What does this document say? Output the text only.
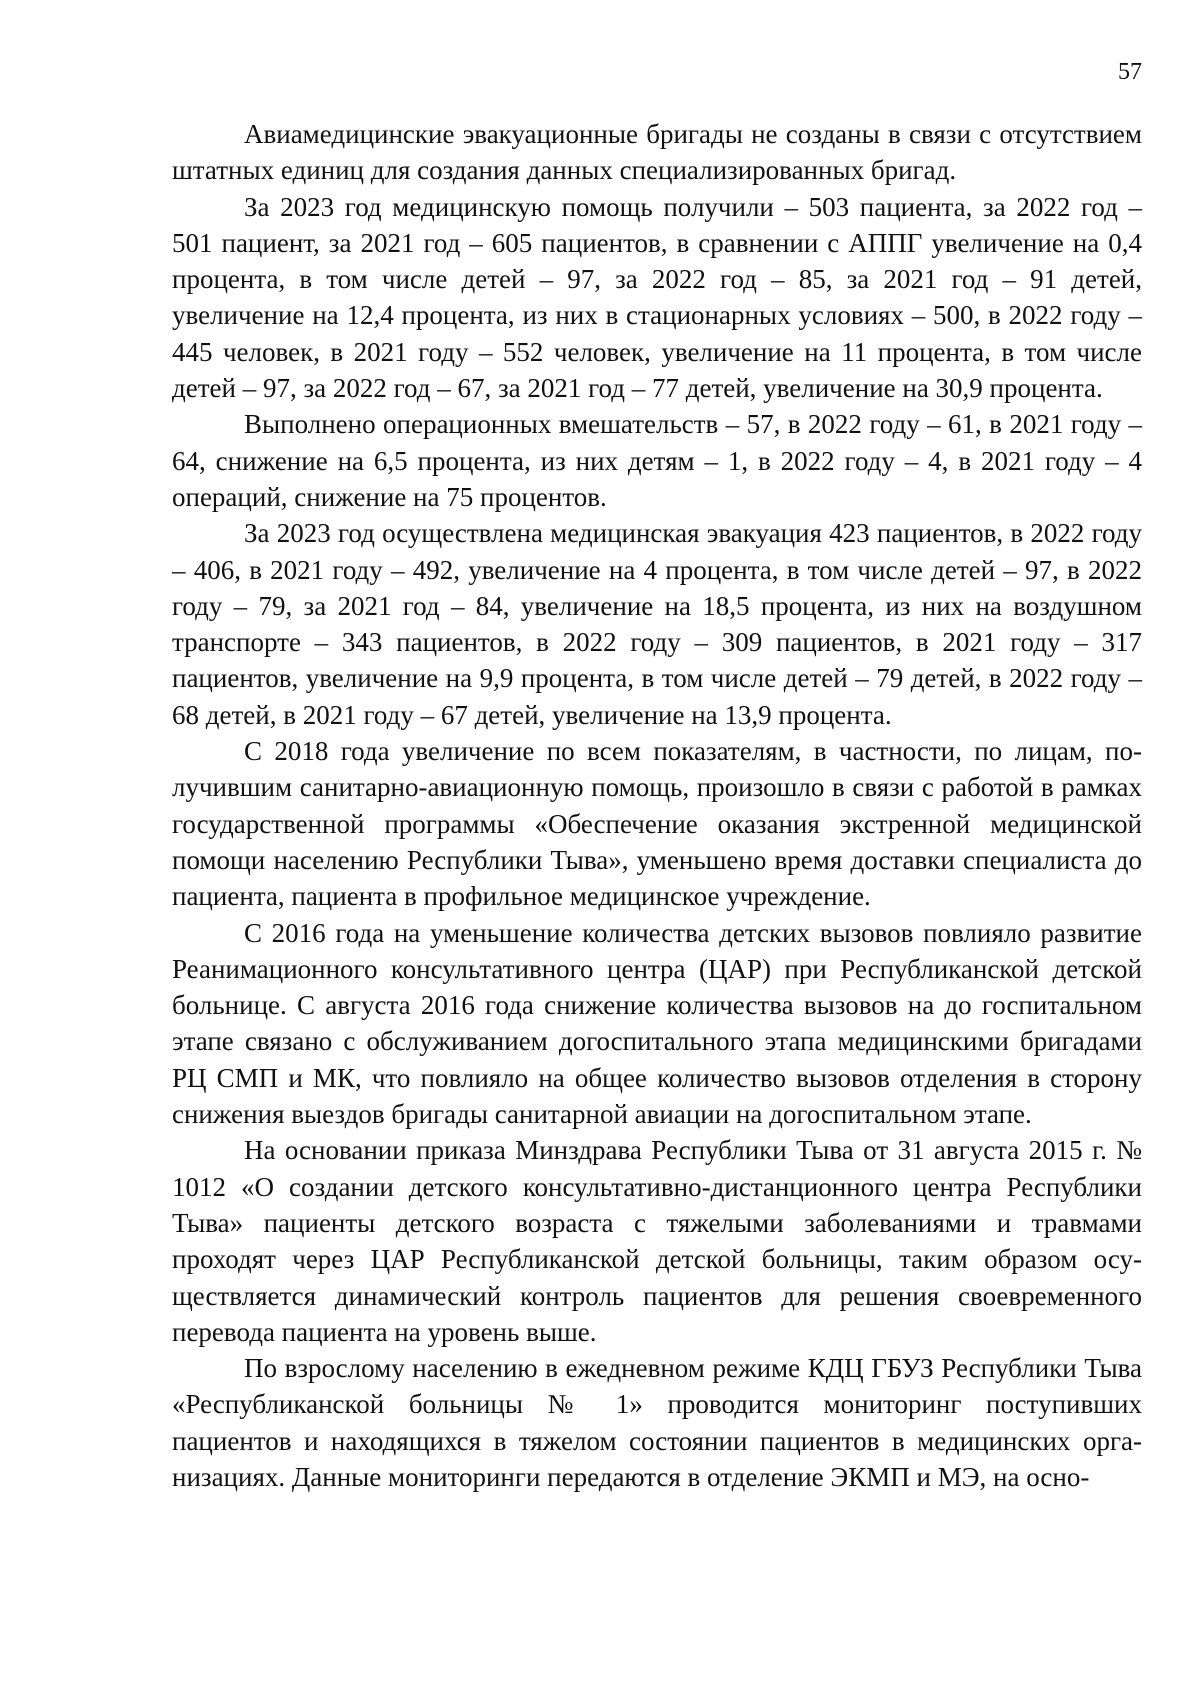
57

Авиамедицинские эвакуационные бригады не созданы в связи с отсутствием штатных единиц для создания данных специализированных бригад.

За 2023 год медицинскую помощь получили – 503 пациента, за 2022 год – 501 пациент, за 2021 год – 605 пациентов, в сравнении с АППГ увеличение на 0,4 процента, в том числе детей – 97, за 2022 год – 85, за 2021 год – 91 детей, увеличение на 12,4 процента, из них в стационарных условиях – 500, в 2022 году – 445 человек, в 2021 году – 552 человек, увеличение на 11 процента, в том числе детей – 97, за 2022 год – 67, за 2021 год – 77 детей, увеличение на 30,9 процента.

Выполнено операционных вмешательств – 57, в 2022 году – 61, в 2021 году – 64, снижение на 6,5 процента, из них детям – 1, в 2022 году – 4, в 2021 году – 4 операций, снижение на 75 процентов.

За 2023 год осуществлена медицинская эвакуация 423 пациентов, в 2022 году – 406, в 2021 году – 492, увеличение на 4 процента, в том числе детей – 97, в 2022 году – 79, за 2021 год – 84, увеличение на 18,5 процента, из них на воздушном транспорте – 343 пациентов, в 2022 году – 309 пациентов, в 2021 году – 317 пациентов, увеличение на 9,9 процента, в том числе детей – 79 детей, в 2022 году – 68 детей, в 2021 году – 67 детей, увеличение на 13,9 процента.

С 2018 года увеличение по всем показателям, в частности, по лицам, получившим санитарно-авиационную помощь, произошло в связи с работой в рамках государственной программы «Обеспечение оказания экстренной медицинской помощи населению Республики Тыва», уменьшено время доставки специалиста до пациента, пациента в профильное медицинское учреждение.

С 2016 года на уменьшение количества детских вызовов повлияло развитие Реанимационного консультативного центра (ЦАР) при Республиканской детской больнице. С августа 2016 года снижение количества вызовов на до госпитальном этапе связано с обслуживанием догоспитального этапа медицинскими бригадами РЦ СМП и МК, что повлияло на общее количество вызовов отделения в сторону снижения выездов бригады санитарной авиации на догоспитальном этапе.

На основании приказа Минздрава Республики Тыва от 31 августа 2015 г. № 1012 «О создании детского консультативно-дистанционного центра Республики Тыва» пациенты детского возраста с тяжелыми заболеваниями и травмами проходят через ЦАР Республиканской детской больницы, таким образом осуществляется динамический контроль пациентов для решения своевременного перевода пациента на уровень выше.

По взрослому населению в ежедневном режиме КДЦ ГБУЗ Республики Тыва «Республиканской больницы № 1» проводится мониторинг поступивших пациентов и находящихся в тяжелом состоянии пациентов в медицинских организациях. Данные мониторинги передаются в отделение ЭКМП и МЭ, на осно-
